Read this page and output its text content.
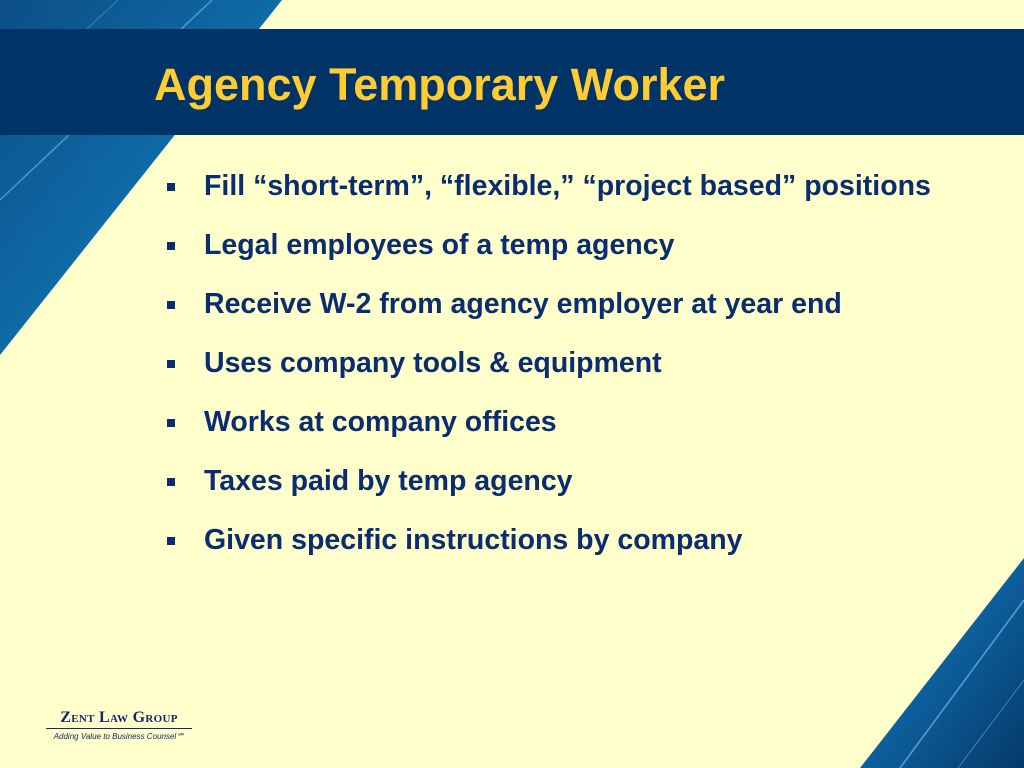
Agency Temporary Worker
Fill “short-term”, “flexible,” “project based” positions
Legal employees of a temp agency
Receive W-2 from agency employer at year end
Uses company tools & equipment
Works at company offices
Taxes paid by temp agency
Given specific instructions by company
Zent Law Group
Adding Value to Business Counsel℠
